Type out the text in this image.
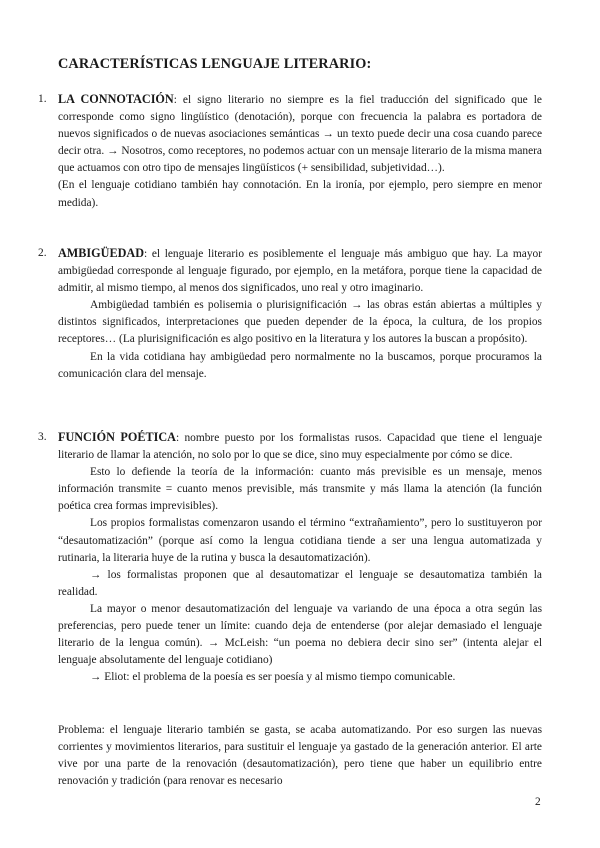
CARACTERÍSTICAS LENGUAJE LITERARIO:
1. LA CONNOTACIÓN: el signo literario no siempre es la fiel traducción del significado que le corresponde como signo lingüístico (denotación), porque con frecuencia la palabra es portadora de nuevos significados o de nuevas asociaciones semánticas → un texto puede decir una cosa cuando parece decir otra. → Nosotros, como receptores, no podemos actuar con un mensaje literario de la misma manera que actuamos con otro tipo de mensajes lingüísticos (+ sensibilidad, subjetividad…).

(En el lenguaje cotidiano también hay connotación. En la ironía, por ejemplo, pero siempre en menor medida).

2. AMBIGÜEDAD: el lenguaje literario es posiblemente el lenguaje más ambiguo que hay. La mayor ambigüedad corresponde al lenguaje figurado, por ejemplo, en la metáfora, porque tiene la capacidad de admitir, al mismo tiempo, al menos dos significados, uno real y otro imaginario.

Ambigüedad también es polisemia o plurisignificación → las obras están abiertas a múltiples y distintos significados, interpretaciones que pueden depender de la época, la cultura, de los propios receptores… (La plurisignificación es algo positivo en la literatura y los autores la buscan a propósito).

En la vida cotidiana hay ambigüedad pero normalmente no la buscamos, porque procuramos la comunicación clara del mensaje.

3. FUNCIÓN POÉTICA: nombre puesto por los formalistas rusos. Capacidad que tiene el lenguaje literario de llamar la atención, no solo por lo que se dice, sino muy especialmente por cómo se dice.

Esto lo defiende la teoría de la información: cuanto más previsible es un mensaje, menos información transmite = cuanto menos previsible, más transmite y más llama la atención (la función poética crea formas imprevisibles).

Los propios formalistas comenzaron usando el término “extrañamiento”, pero lo sustituyeron por “desautomatización” (porque así como la lengua cotidiana tiende a ser una lengua automatizada y rutinaria, la literaria huye de la rutina y busca la desautomatización).

→ los formalistas proponen que al desautomatizar el lenguaje se desautomatiza también la realidad.

La mayor o menor desautomatización del lenguaje va variando de una época a otra según las preferencias, pero puede tener un límite: cuando deja de entenderse (por alejar demasiado el lenguaje literario de la lengua común). → McLeish: “un poema no debiera decir sino ser” (intenta alejar el lenguaje absolutamente del lenguaje cotidiano)

→ Eliot: el problema de la poesía es ser poesía y al mismo tiempo comunicable.

Problema: el lenguaje literario también se gasta, se acaba automatizando. Por eso surgen las nuevas corrientes y movimientos literarios, para sustituir el lenguaje ya gastado de la generación anterior. El arte vive por una parte de la renovación (desautomatización), pero tiene que haber un equilibrio entre renovación y tradición (para renovar es necesario

2
